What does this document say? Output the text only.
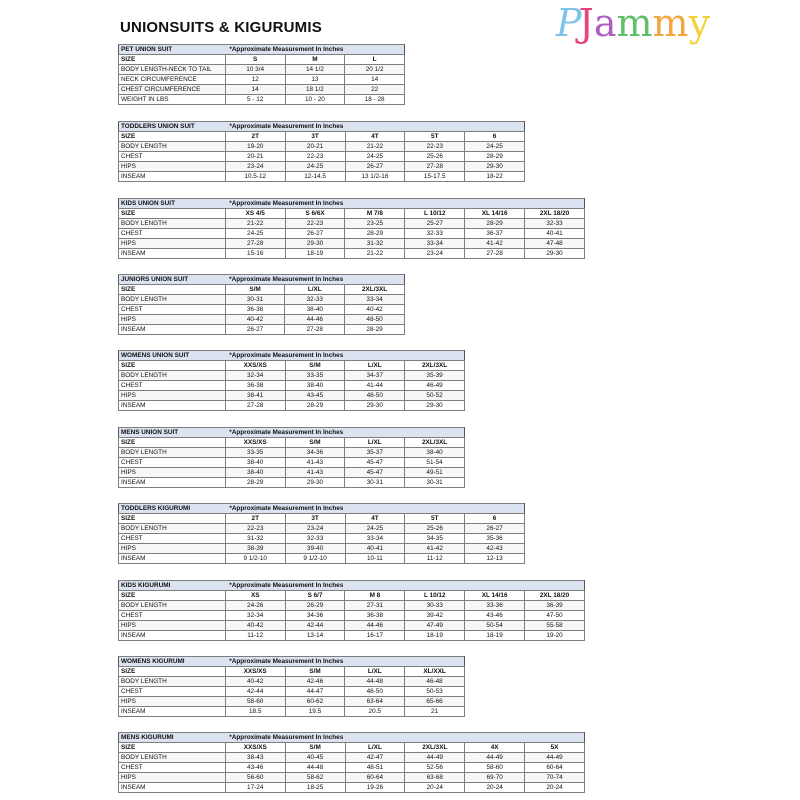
UNIONSUITS & KIGURUMIS	PJammy
PET UNION SUIT	*Approximate Measurement In Inches		
SIZE	S	M	L
BODY LENGTH-NECK TO TAIL	10 3/4	14 1/2	20 1/2
NECK CIRCUMFERENCE	12	13	14
CHEST CIRCUMFERENCE	14	18 1/2	22
WEIGHT IN LBS	5 - 12	10 - 20	18 - 28
TODDLERS UNION SUIT	*Approximate Measurement In Inches				
SIZE	2T	3T	4T	5T	6
BODY LENGTH	19-20	20-21	21-22	22-23	24-25
CHEST	20-21	22-23	24-25	25-26	28-29
HIPS	23-24	24-25	26-27	27-28	29-30
INSEAM	10.5-12	12-14.5	13 1/2-16	15-17.5	18-22
KIDS UNION SUIT	*Approximate Measurement In Inches					
SIZE	XS 4/5	S 6/6X	M 7/8	L 10/12	XL 14/16	2XL 18/20
BODY LENGTH	21-22	22-23	23-25	25-27	28-29	32-33
CHEST	24-25	26-27	28-29	32-33	36-37	40-41
HIPS	27-28	29-30	31-32	33-34	41-42	47-48
INSEAM	15-16	18-19	21-22	23-24	27-28	29-30
JUNIORS UNION SUIT	*Approximate Measurement In Inches		
SIZE	S/M	L/XL	2XL/3XL
BODY LENGTH	30-31	32-33	33-34
CHEST	36-38	38-40	40-42
HIPS	40-42	44-46	48-50
INSEAM	26-27	27-28	28-29
WOMENS UNION SUIT	*Approximate Measurement In Inches			
SIZE	XXS/XS	S/M	L/XL	2XL/3XL
BODY LENGTH	32-34	33-35	34-37	35-39
CHEST	36-38	38-40	41-44	46-49
HIPS	38-41	43-45	48-50	50-52
INSEAM	27-28	28-29	29-30	29-30
MENS UNION SUIT	*Approximate Measurement In Inches			
SIZE	XXS/XS	S/M	L/XL	2XL/3XL
BODY LENGTH	33-35	34-36	35-37	38-40
CHEST	38-40	41-43	45-47	51-54
HIPS	38-40	41-43	45-47	49-51
INSEAM	28-29	29-30	30-31	30-31
TODDLERS KIGURUMI	*Approximate Measurement In Inches				
SIZE	2T	3T	4T	5T	6
BODY LENGTH	22-23	23-24	24-25	25-26	26-27
CHEST	31-32	32-33	33-34	34-35	35-36
HIPS	38-39	39-40	40-41	41-42	42-43
INSEAM	9 1/2-10	9 1/2-10	10-11	11-12	12-13
KIDS KIGURUMI	*Approximate Measurement In Inches					
SIZE	XS	S 6/7	M 8	L 10/12	XL 14/16	2XL 18/20
BODY LENGTH	24-26	26-29	27-31	30-33	33-36	36-39
CHEST	32-34	34-36	36-38	39-42	43-46	47-50
HIPS	40-42	42-44	44-46	47-49	50-54	55-58
INSEAM	11-12	13-14	16-17	18-19	18-19	19-20
WOMENS KIGURUMI	*Approximate Measurement In Inches			
SIZE	XXS/XS	S/M	L/XL	XL/XXL
BODY LENGTH	40-42	42-46	44-48	46-48
CHEST	42-44	44-47	48-50	50-53
HIPS	58-60	60-62	63-64	65-66
INSEAM	18.5	19.5	20.5	21
MENS KIGURUMI	*Approximate Measurement In Inches					
SIZE	XXS/XS	S/M	L/XL	2XL/3XL	4X	5X
BODY LENGTH	38-43	40-45	42-47	44-49	44-49	44-49
CHEST	43-46	44-48	48-51	52-56	58-60	60-64
HIPS	56-60	58-62	60-64	63-68	69-70	70-74
INSEAM	17-24	18-25	19-26	20-24	20-24	20-24
